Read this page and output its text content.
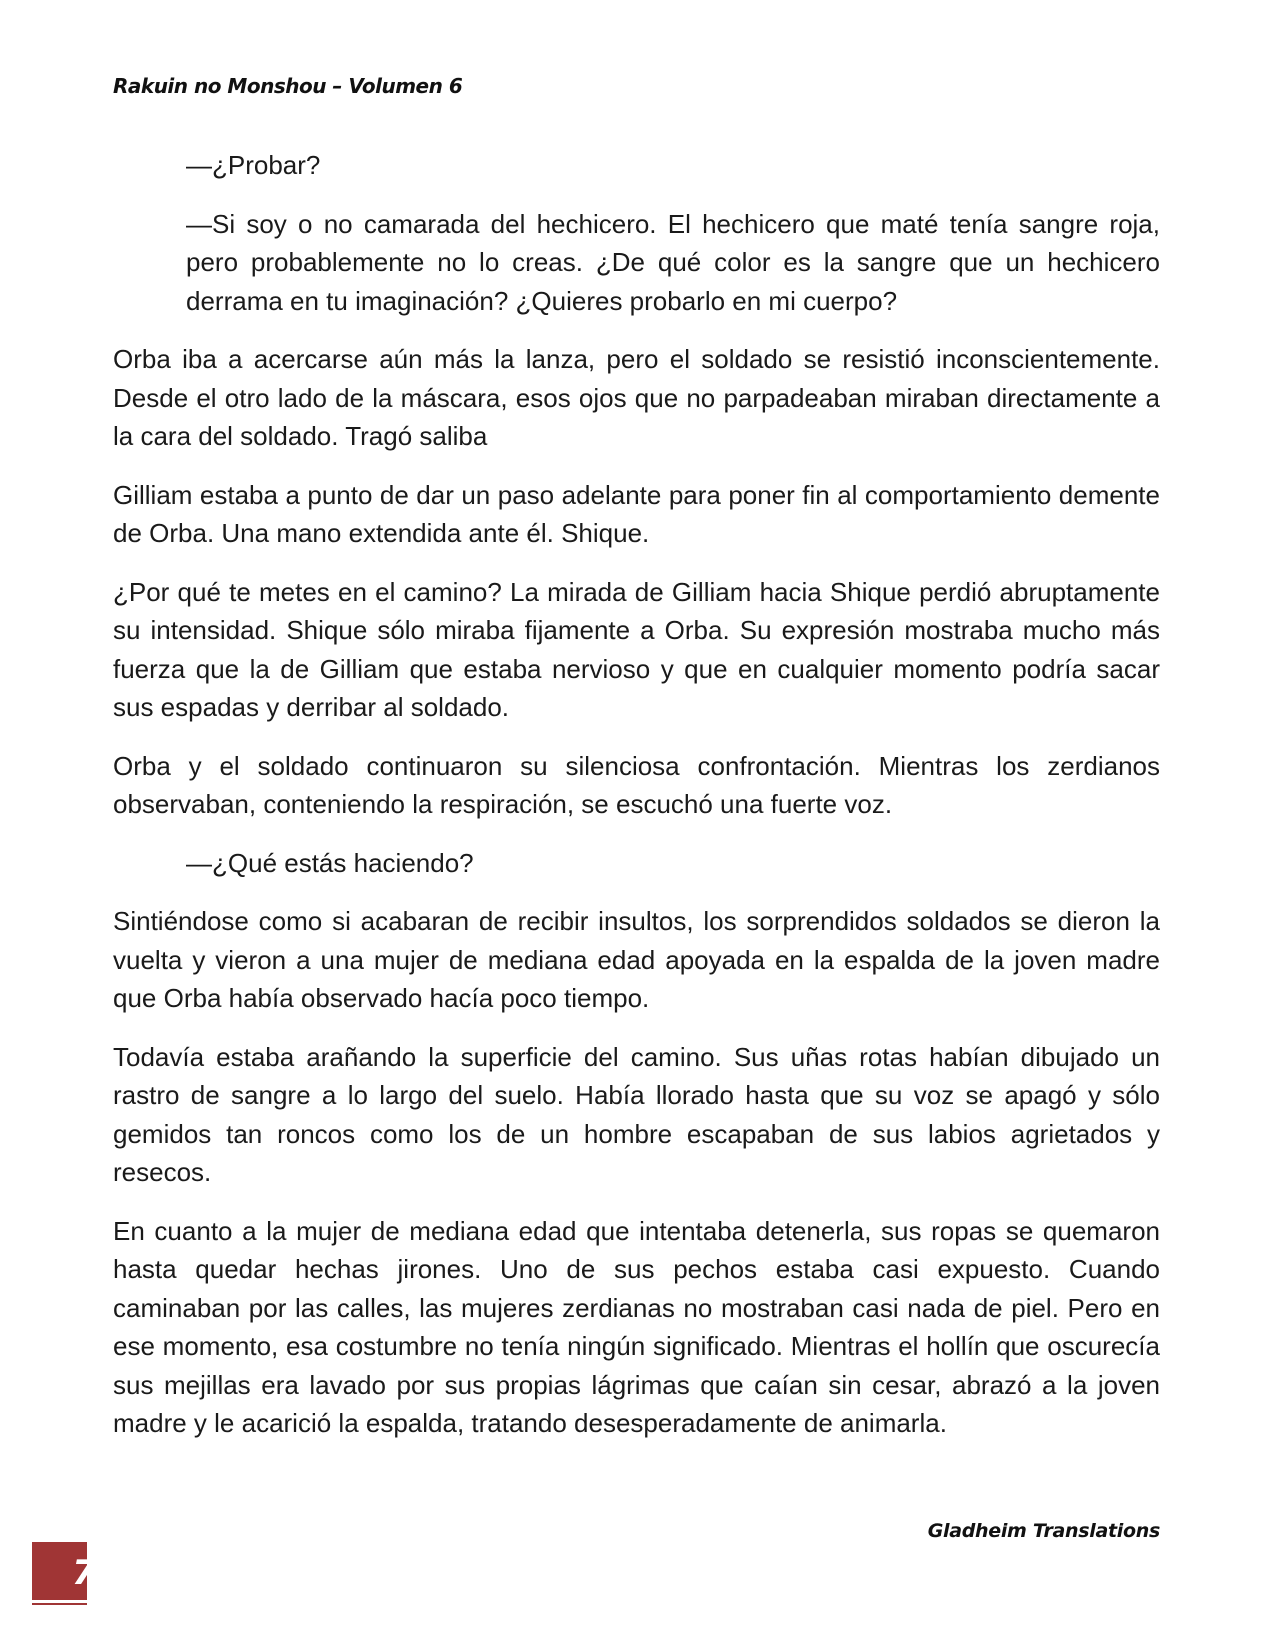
Rakuin no Monshou – Volumen 6

—¿Probar?

—Si soy o no camarada del hechicero. El hechicero que maté tenía sangre roja, pero probablemente no lo creas. ¿De qué color es la sangre que un hechicero derrama en tu imaginación? ¿Quieres probarlo en mi cuerpo?

Orba iba a acercarse aún más la lanza, pero el soldado se resistió inconscientemente. Desde el otro lado de la máscara, esos ojos que no parpadeaban miraban directamente a la cara del soldado. Tragó saliba

Gilliam estaba a punto de dar un paso adelante para poner fin al comportamiento demente de Orba. Una mano extendida ante él. Shique.

¿Por qué te metes en el camino? La mirada de Gilliam hacia Shique perdió abruptamente su intensidad. Shique sólo miraba fijamente a Orba. Su expresión mostraba mucho más fuerza que la de Gilliam que estaba nervioso y que en cualquier momento podría sacar sus espadas y derribar al soldado.

Orba y el soldado continuaron su silenciosa confrontación. Mientras los zerdianos observaban, conteniendo la respiración, se escuchó una fuerte voz.

—¿Qué estás haciendo?

Sintiéndose como si acabaran de recibir insultos, los sorprendidos soldados se dieron la vuelta y vieron a una mujer de mediana edad apoyada en la espalda de la joven madre que Orba había observado hacía poco tiempo.

Todavía estaba arañando la superficie del camino. Sus uñas rotas habían dibujado un rastro de sangre a lo largo del suelo. Había llorado hasta que su voz se apagó y sólo gemidos tan roncos como los de un hombre escapaban de sus labios agrietados y resecos.

En cuanto a la mujer de mediana edad que intentaba detenerla, sus ropas se quemaron hasta quedar hechas jirones. Uno de sus pechos estaba casi expuesto. Cuando caminaban por las calles, las mujeres zerdianas no mostraban casi nada de piel. Pero en ese momento, esa costumbre no tenía ningún significado. Mientras el hollín que oscurecía sus mejillas era lavado por sus propias lágrimas que caían sin cesar, abrazó a la joven madre y le acarició la espalda, tratando desesperadamente de animarla.

Gladheim Translations
7
